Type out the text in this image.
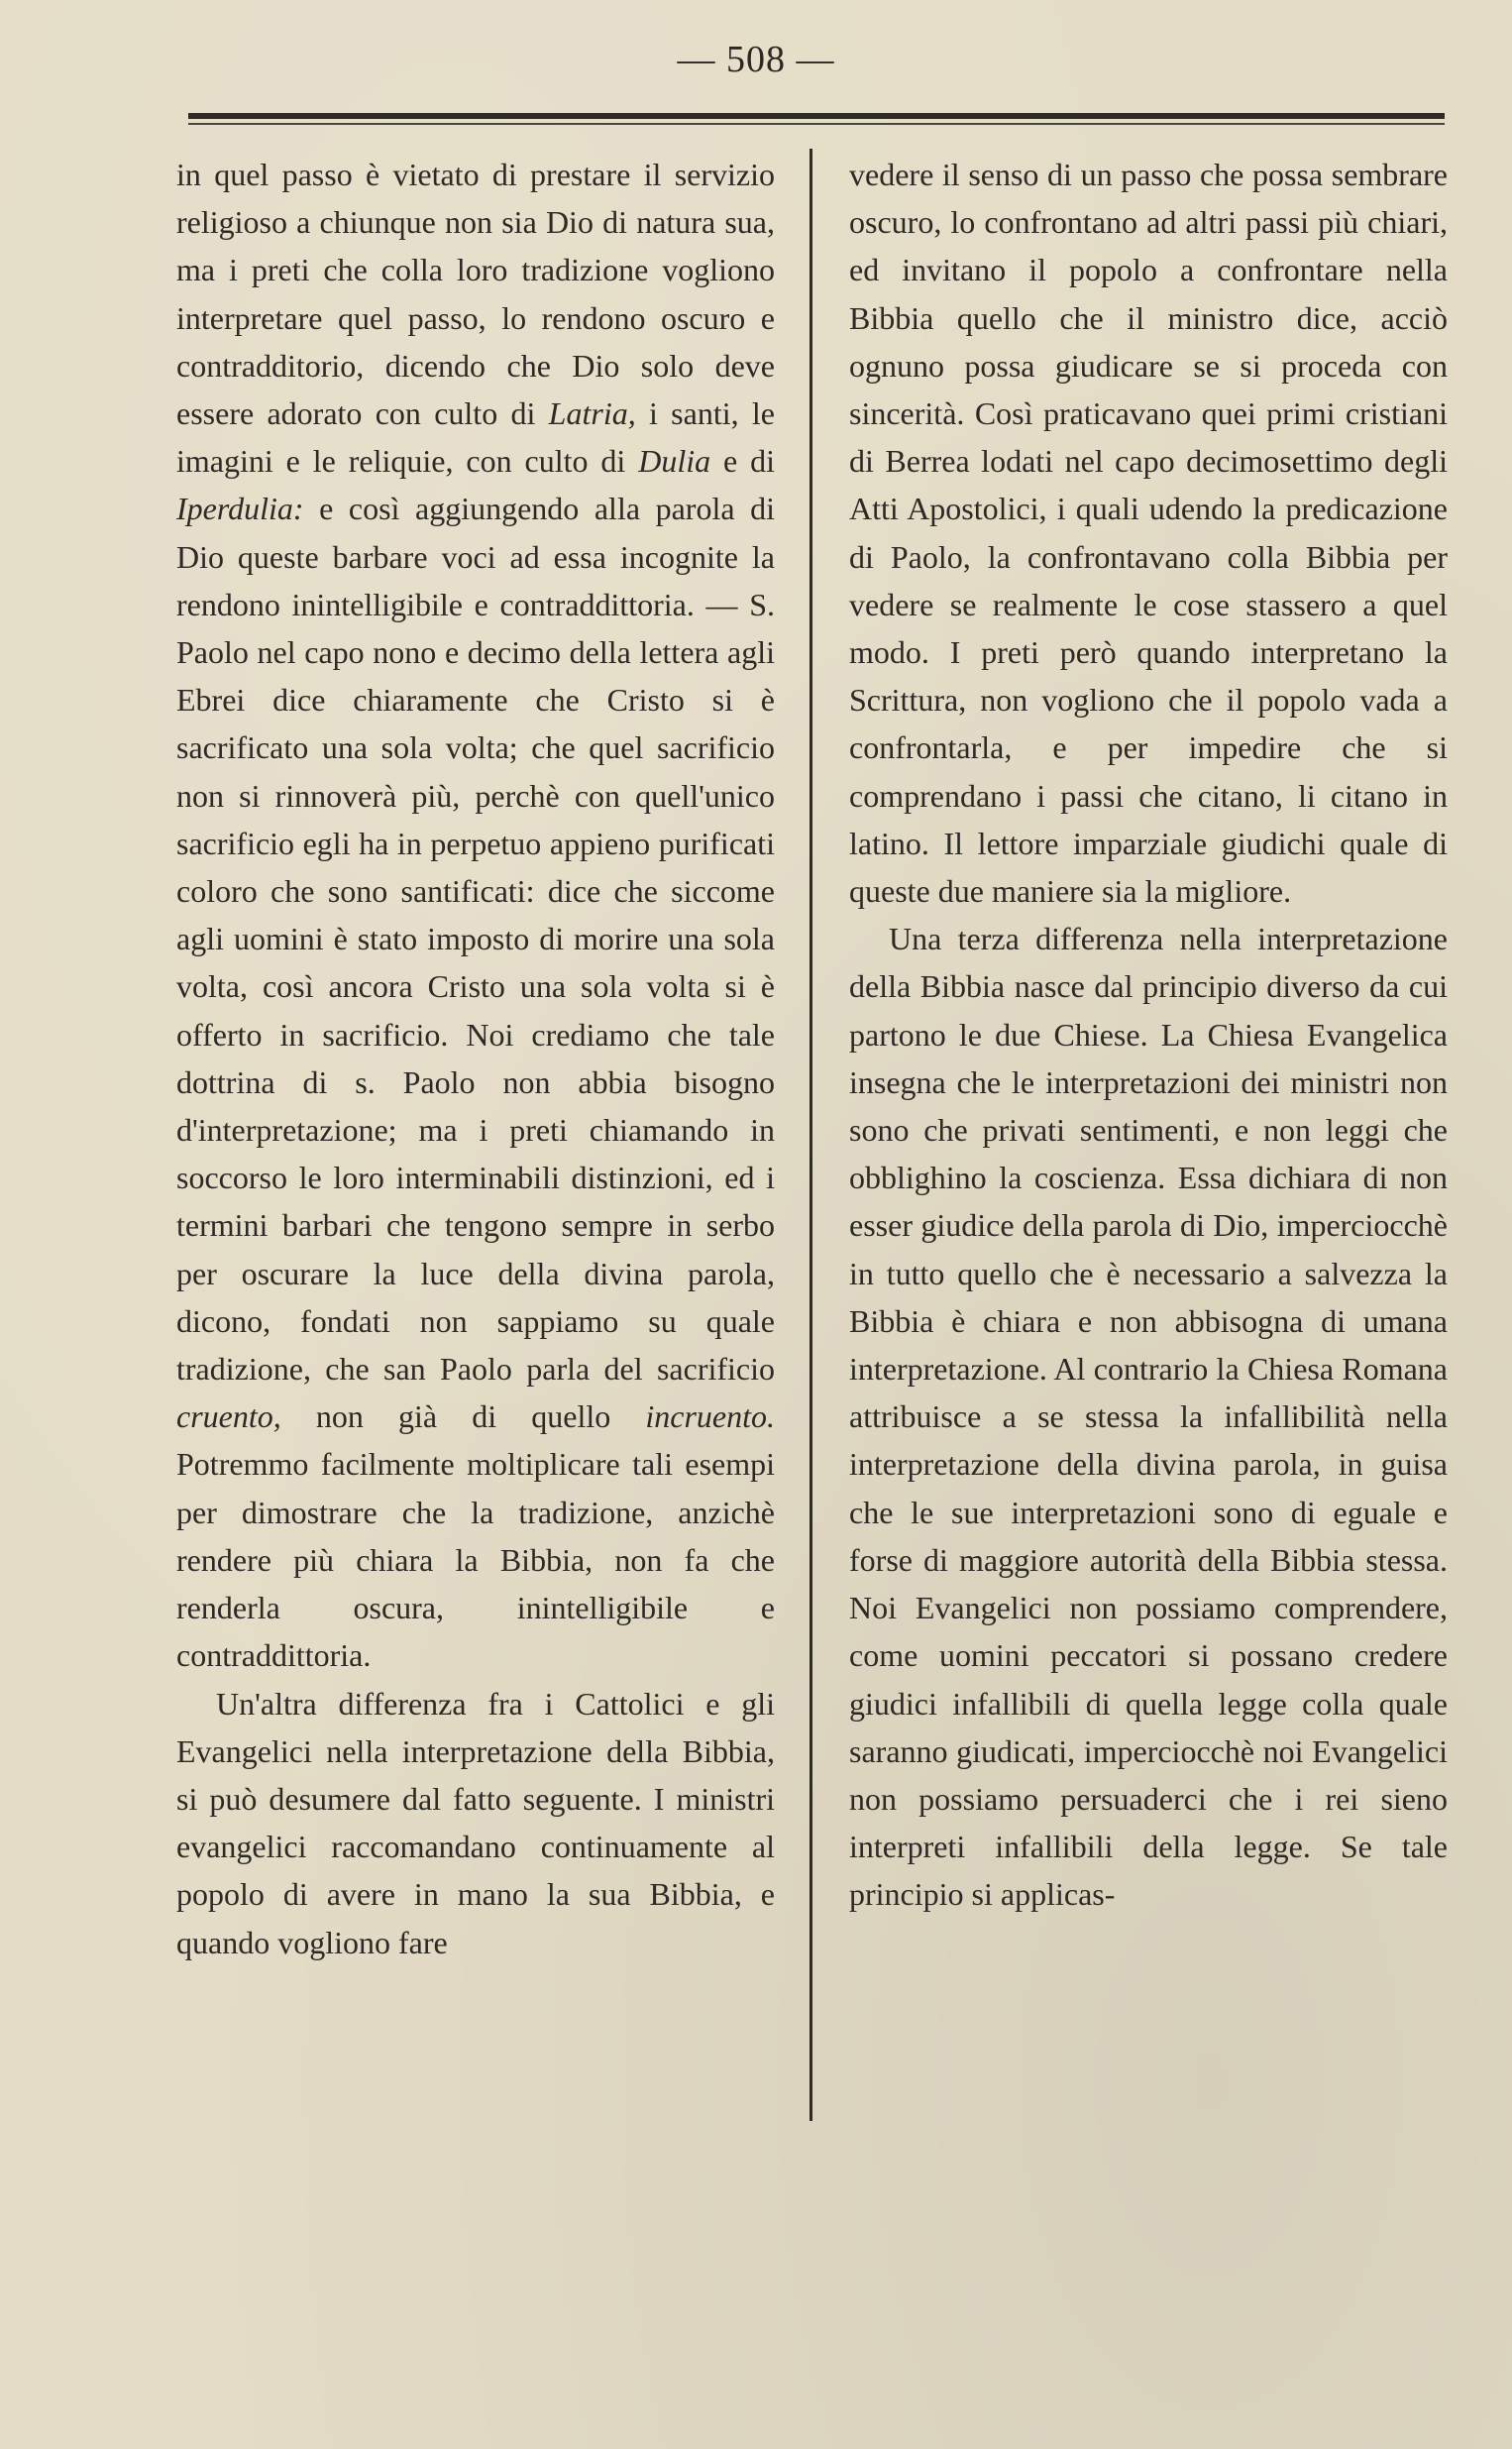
— 508 —

in quel passo è vietato di prestare il servizio religioso a chiunque non sia Dio di natura sua, ma i preti che colla loro tradizione vogliono interpretare quel passo, lo rendono oscuro e contradditorio, dicendo che Dio solo deve essere adorato con culto di Latria, i santi, le imagini e le reliquie, con culto di Dulia e di Iperdulia: e così aggiungendo alla parola di Dio queste barbare voci ad essa incognite la rendono inintelligibile e contraddittoria. — S. Paolo nel capo nono e decimo della lettera agli Ebrei dice chiaramente che Cristo si è sacrificato una sola volta; che quel sacrificio non si rinnoverà più, perchè con quell'unico sacrificio egli ha in perpetuo appieno purificati coloro che sono santificati: dice che siccome agli uomini è stato imposto di morire una sola volta, così ancora Cristo una sola volta si è offerto in sacrificio. Noi crediamo che tale dottrina di s. Paolo non abbia bisogno d'interpretazione; ma i preti chiamando in soccorso le loro interminabili distinzioni, ed i termini barbari che tengono sempre in serbo per oscurare la luce della divina parola, dicono, fondati non sappiamo su quale tradizione, che san Paolo parla del sacrificio cruento, non già di quello incruento. Potremmo facilmente moltiplicare tali esempi per dimostrare che la tradizione, anzichè rendere più chiara la Bibbia, non fa che renderla oscura, inintelligibile e contraddittoria.

Un'altra differenza fra i Cattolici e gli Evangelici nella interpretazione della Bibbia, si può desumere dal fatto seguente. I ministri evangelici raccomandano continuamente al popolo di avere in mano la sua Bibbia, e quando vogliono fare

vedere il senso di un passo che possa sembrare oscuro, lo confrontano ad altri passi più chiari, ed invitano il popolo a confrontare nella Bibbia quello che il ministro dice, acciò ognuno possa giudicare se si proceda con sincerità. Così praticavano quei primi cristiani di Berrea lodati nel capo decimosettimo degli Atti Apostolici, i quali udendo la predicazione di Paolo, la confrontavano colla Bibbia per vedere se realmente le cose stassero a quel modo. I preti però quando interpretano la Scrittura, non vogliono che il popolo vada a confrontarla, e per impedire che si comprendano i passi che citano, li citano in latino. Il lettore imparziale giudichi quale di queste due maniere sia la migliore.

Una terza differenza nella interpretazione della Bibbia nasce dal principio diverso da cui partono le due Chiese. La Chiesa Evangelica insegna che le interpretazioni dei ministri non sono che privati sentimenti, e non leggi che obblighino la coscienza. Essa dichiara di non esser giudice della parola di Dio, imperciocchè in tutto quello che è necessario a salvezza la Bibbia è chiara e non abbisogna di umana interpretazione. Al contrario la Chiesa Romana attribuisce a se stessa la infallibilità nella interpretazione della divina parola, in guisa che le sue interpretazioni sono di eguale e forse di maggiore autorità della Bibbia stessa. Noi Evangelici non possiamo comprendere, come uomini peccatori si possano credere giudici infallibili di quella legge colla quale saranno giudicati, imperciocchè noi Evangelici non possiamo persuaderci che i rei sieno interpreti infallibili della legge. Se tale principio si applicas-
